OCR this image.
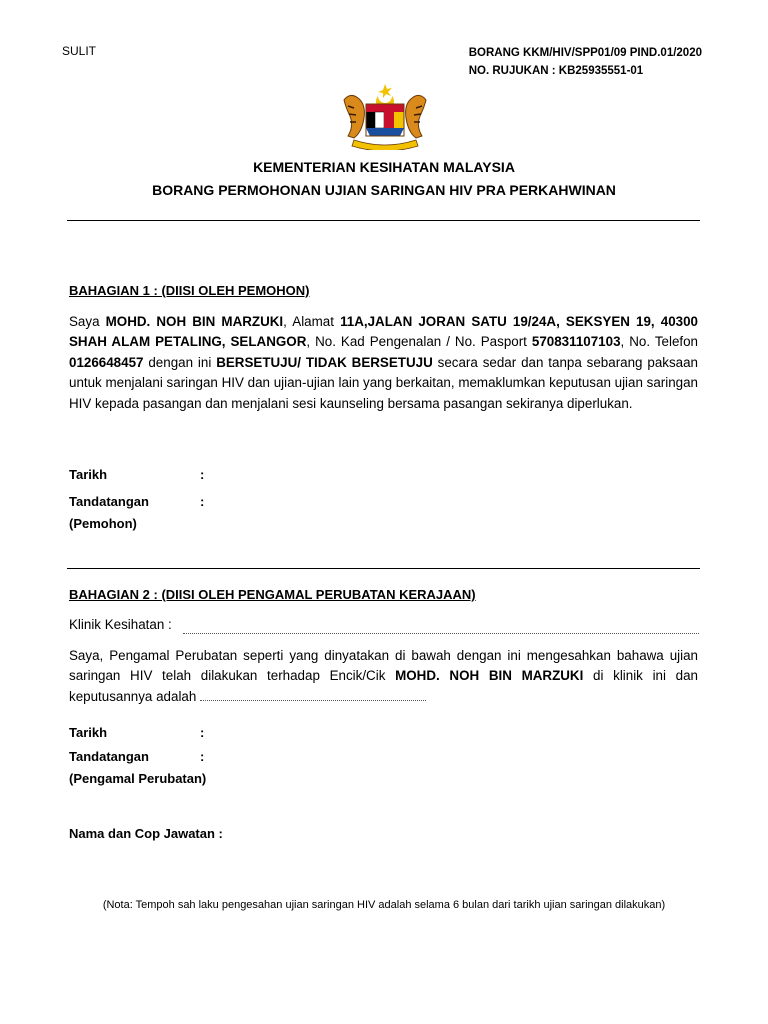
SULIT	BORANG KKM/HIV/SPP01/09 PIND.01/2020
NO. RUJUKAN : KB25935551-01
KEMENTERIAN KESIHATAN MALAYSIA
BORANG PERMOHONAN UJIAN SARINGAN HIV PRA PERKAHWINAN
BAHAGIAN 1 : (DIISI OLEH PEMOHON)
Saya MOHD. NOH BIN MARZUKI, Alamat 11A,JALAN JORAN SATU 19/24A, SEKSYEN 19, 40300 SHAH ALAM PETALING, SELANGOR, No. Kad Pengenalan / No. Pasport 570831107103, No. Telefon 0126648457 dengan ini BERSETUJU/ TIDAK BERSETUJU secara sedar dan tanpa sebarang paksaan untuk menjalani saringan HIV dan ujian-ujian lain yang berkaitan, memaklumkan keputusan ujian saringan HIV kepada pasangan dan menjalani sesi kaunseling bersama pasangan sekiranya diperlukan.
Tarikh	:
Tandatangan	:
(Pemohon)
BAHAGIAN 2 : (DIISI OLEH PENGAMAL PERUBATAN KERAJAAN)
Klinik Kesihatan :
Saya, Pengamal Perubatan seperti yang dinyatakan di bawah dengan ini mengesahkan bahawa ujian saringan HIV telah dilakukan terhadap Encik/Cik MOHD. NOH BIN MARZUKI di klinik ini dan keputusannya adalah
Tarikh	:
Tandatangan	:
(Pengamal Perubatan)
Nama dan Cop Jawatan :
(Nota: Tempoh sah laku pengesahan ujian saringan HIV adalah selama 6 bulan dari tarikh ujian saringan dilakukan)
